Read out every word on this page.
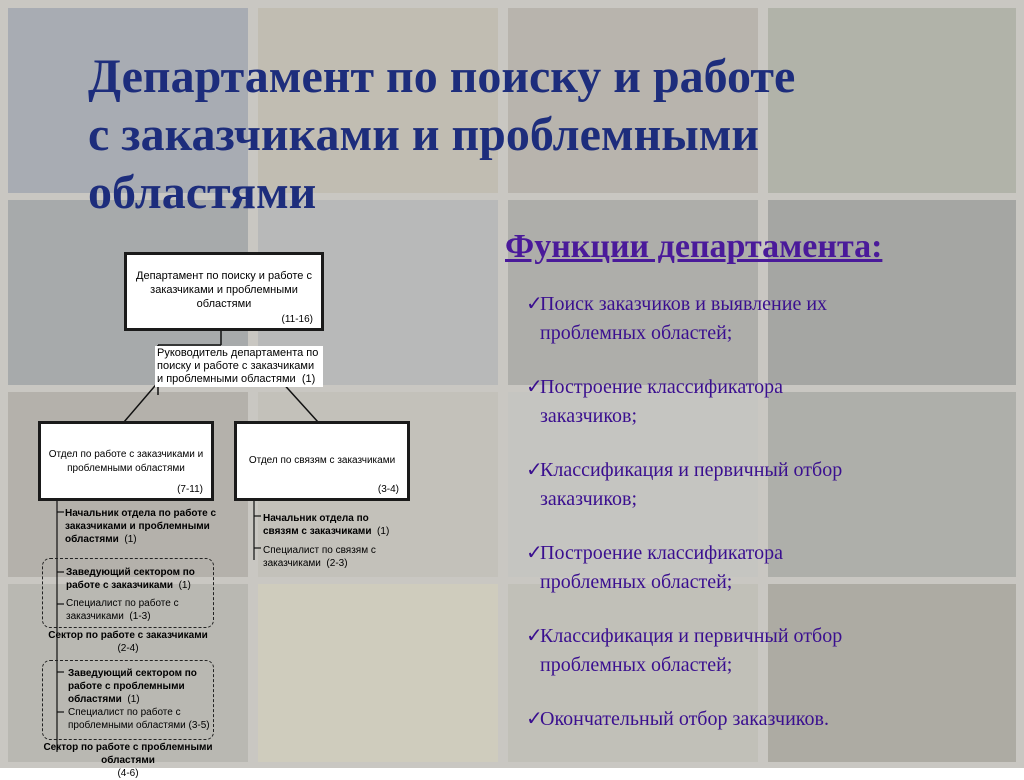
Департамент по поиску и работе
с заказчиками и проблемными
областями
Функции департамента:
✓
Поиск заказчиков и выявление их
проблемных областей;
✓
Построение классификатора
заказчиков;
✓
Классификация и первичный отбор
заказчиков;
✓
Построение классификатора
проблемных областей;
✓
Классификация и первичный отбор
проблемных областей;
✓
Окончательный отбор заказчиков.
Департамент по поиску и работе с заказчиками и проблемными областями
(11-16)
Руководитель департамента по поиску и работе с заказчиками и проблемными областями (1)
Отдел по работе с заказчиками и проблемными областями
(7-11)
Отдел по связям с заказчиками
(3-4)
Начальник отдела по работе с заказчиками и проблемными областями (1)
Начальник отдела по связям с заказчиками (1)
Специалист по связям с заказчиками (2-3)
Заведующий сектором по работе с заказчиками (1)
Специалист по работе с заказчиками (1-3)
Сектор по работе с заказчиками
(2-4)
Заведующий сектором по работе с проблемными областями (1)
Специалист по работе с проблемными областями (3-5)
Сектор по работе с проблемными областями
(4-6)
